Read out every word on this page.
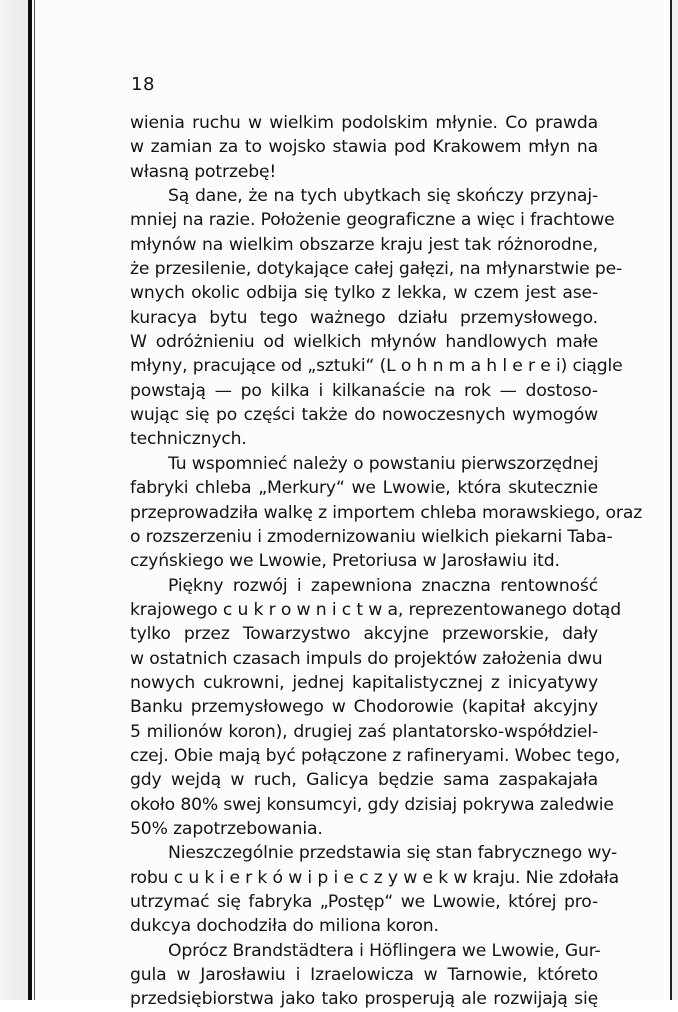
18
wienia ruchu w wielkim podolskim młynie. Co prawda
w zamian za to wojsko stawia pod Krakowem młyn na
własną potrzebę!
Są dane, że na tych ubytkach się skończy przynaj-
mniej na razie. Położenie geograficzne a więc i frachtowe
młynów na wielkim obszarze kraju jest tak różnorodne,
że przesilenie, dotykające całej gałęzi, na młynarstwie pe-
wnych okolic odbija się tylko z lekka, w czem jest ase-
kuracya bytu tego ważnego działu przemysłowego.
W odróżnieniu od wielkich młynów handlowych małe
młyny, pracujące od „sztuki“ (L o h n m a h l e r e i) ciągle
powstają — po kilka i kilkanaście na rok — dostoso-
wując się po części także do nowoczesnych wymogów
technicznych.
Tu wspomnieć należy o powstaniu pierwszorzędnej
fabryki chleba „Merkury“ we Lwowie, która skutecznie
przeprowadziła walkę z importem chleba morawskiego, oraz
o rozszerzeniu i zmodernizowaniu wielkich piekarni Taba-
czyńskiego we Lwowie, Pretoriusa w Jarosławiu itd.
Piękny rozwój i zapewniona znaczna rentowność
krajowego c u k r o w n i c t w a, reprezentowanego dotąd
tylko przez Towarzystwo akcyjne przeworskie, dały
w ostatnich czasach impuls do projektów założenia dwu
nowych cukrowni, jednej kapitalistycznej z inicyatywy
Banku przemysłowego w Chodorowie (kapitał akcyjny
5 milionów koron), drugiej zaś plantatorsko-współdziel-
czej. Obie mają być połączone z rafineryami. Wobec tego,
gdy wejdą w ruch, Galicya będzie sama zaspakajała
około 80% swej konsumcyi, gdy dzisiaj pokrywa zaledwie
50% zapotrzebowania.
Nieszczególnie przedstawia się stan fabrycznego wy-
robu c u k i e r k ó w i p i e c z y w e k w kraju. Nie zdołała
utrzymać się fabryka „Postęp“ we Lwowie, której pro-
dukcya dochodziła do miliona koron.
Oprócz Brandstädtera i Höflingera we Lwowie, Gur-
gula w Jarosławiu i Izraelowicza w Tarnowie, któreto
przedsiębiorstwa jako tako prosperują ale rozwijają się
